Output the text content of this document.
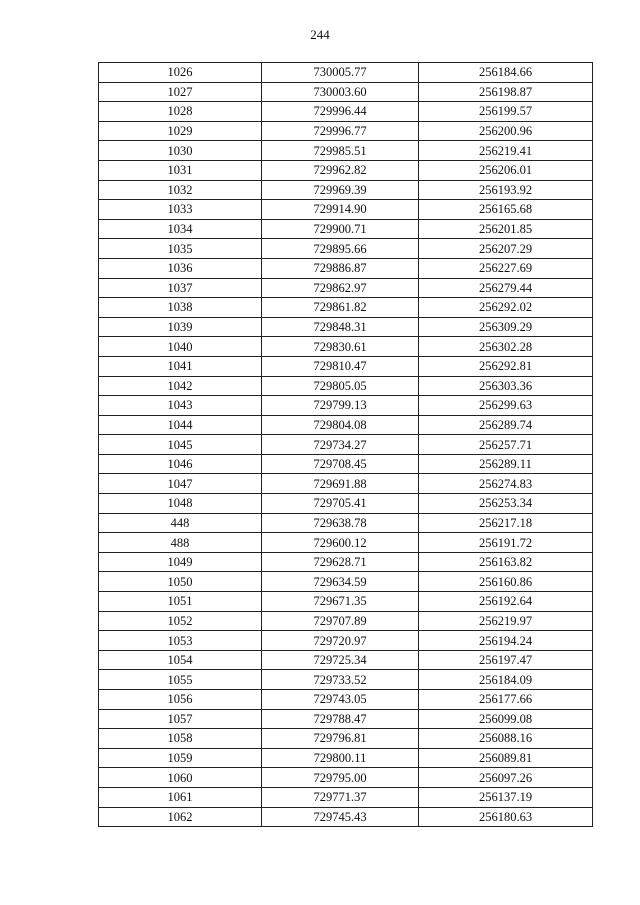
244
1026	730005.77	256184.66
1027	730003.60	256198.87
1028	729996.44	256199.57
1029	729996.77	256200.96
1030	729985.51	256219.41
1031	729962.82	256206.01
1032	729969.39	256193.92
1033	729914.90	256165.68
1034	729900.71	256201.85
1035	729895.66	256207.29
1036	729886.87	256227.69
1037	729862.97	256279.44
1038	729861.82	256292.02
1039	729848.31	256309.29
1040	729830.61	256302.28
1041	729810.47	256292.81
1042	729805.05	256303.36
1043	729799.13	256299.63
1044	729804.08	256289.74
1045	729734.27	256257.71
1046	729708.45	256289.11
1047	729691.88	256274.83
1048	729705.41	256253.34
448	729638.78	256217.18
488	729600.12	256191.72
1049	729628.71	256163.82
1050	729634.59	256160.86
1051	729671.35	256192.64
1052	729707.89	256219.97
1053	729720.97	256194.24
1054	729725.34	256197.47
1055	729733.52	256184.09
1056	729743.05	256177.66
1057	729788.47	256099.08
1058	729796.81	256088.16
1059	729800.11	256089.81
1060	729795.00	256097.26
1061	729771.37	256137.19
1062	729745.43	256180.63
